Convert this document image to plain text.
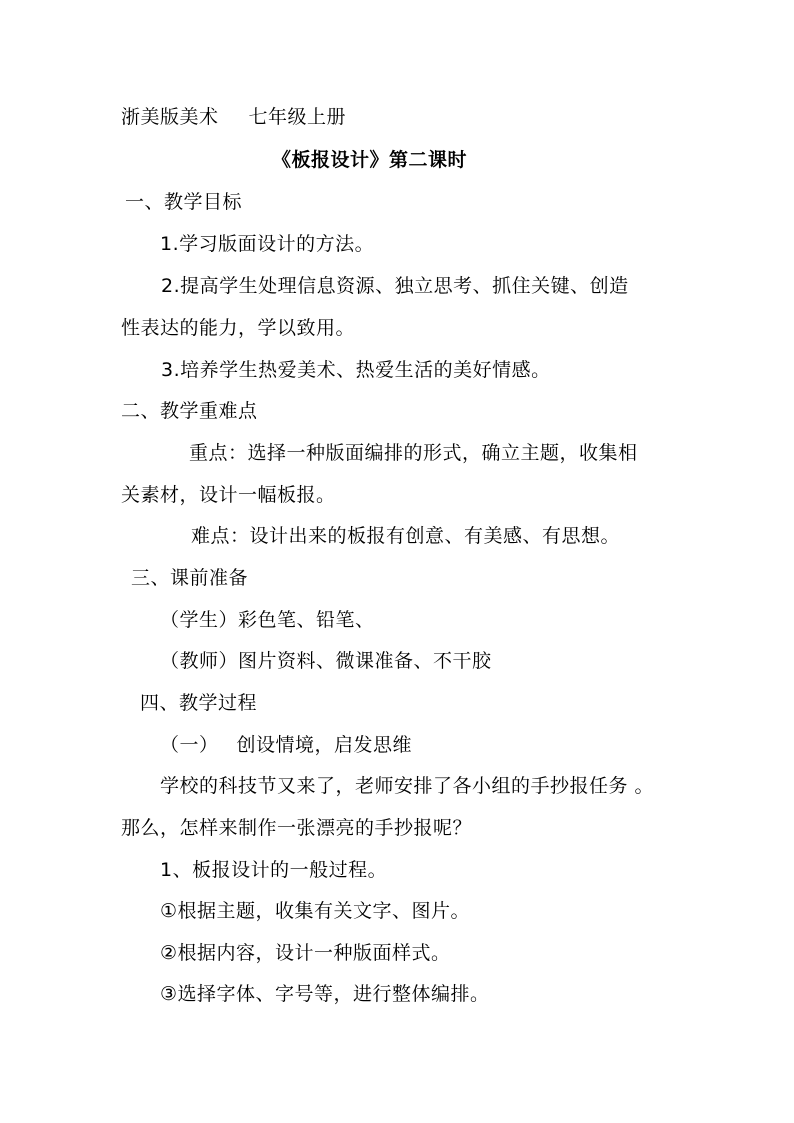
浙美版美术 七年级上册
《板报设计》第二课时
一、教学目标
1.学习版面设计的方法。
2.提高学生处理信息资源、独立思考、抓住关键、创造
性表达的能力，学以致用。
3.培养学生热爱美术、热爱生活的美好情感。
二、教学重难点
重点：选择一种版面编排的形式，确立主题，收集相
关素材，设计一幅板报。
难点：设计出来的板报有创意、有美感、有思想。
三、课前准备
（学生）彩色笔、铅笔、
（教师）图片资料、微课准备、不干胶
四、教学过程
（一） 创设情境，启发思维
学校的科技节又来了，老师安排了各小组的手抄报任务 。
那么，怎样来制作一张漂亮的手抄报呢？
1、板报设计的一般过程。
①根据主题，收集有关文字、图片。
②根据内容，设计一种版面样式。
③选择字体、字号等，进行整体编排。
